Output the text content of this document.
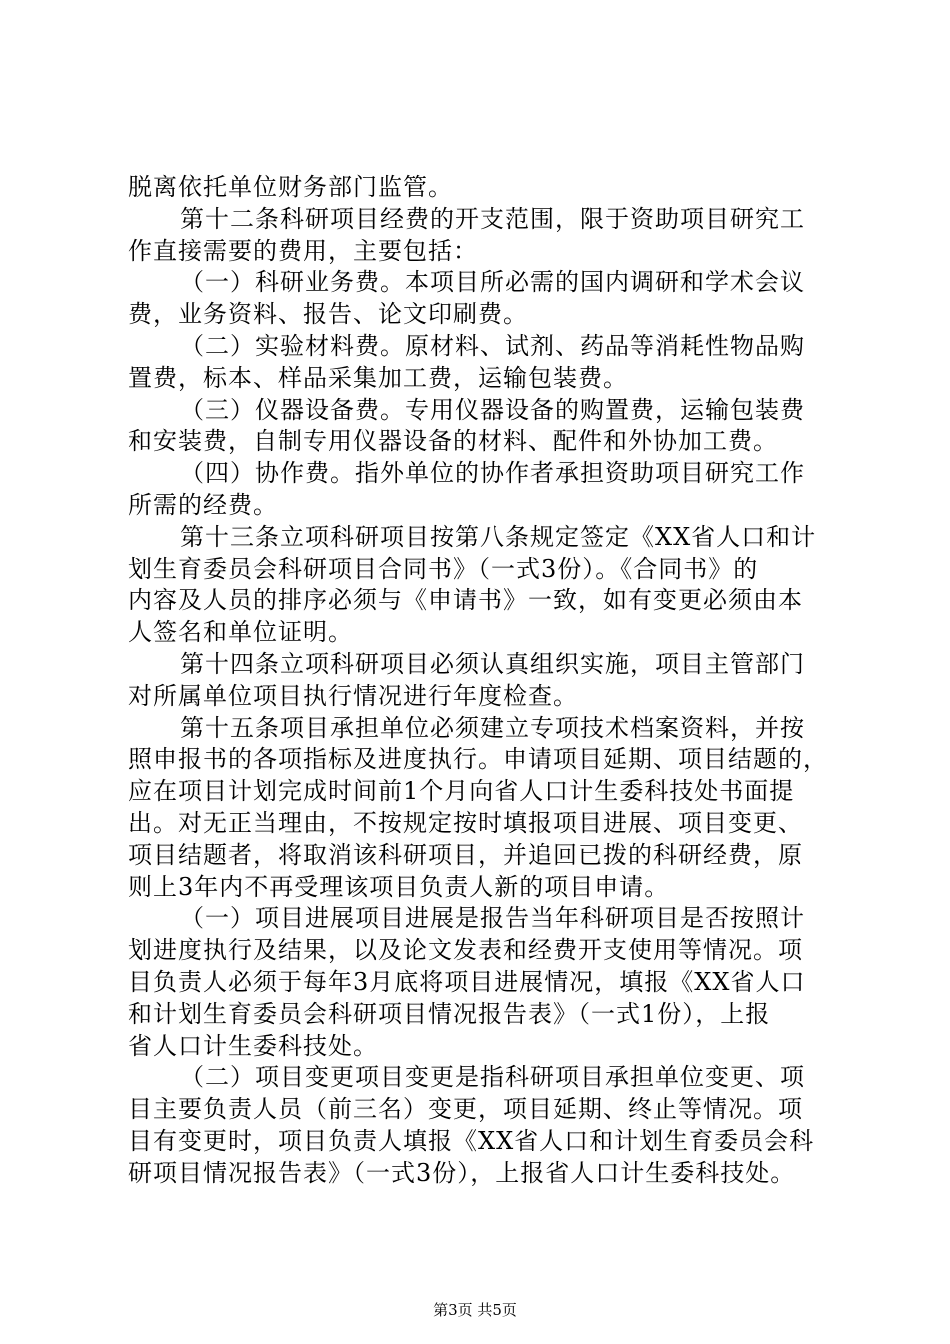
脱离依托单位财务部门监管。
第十二条科研项目经费的开支范围，限于资助项目研究工
作直接需要的费用，主要包括：
（一）科研业务费。本项目所必需的国内调研和学术会议
费，业务资料、报告、论文印刷费。
（二）实验材料费。原材料、试剂、药品等消耗性物品购
置费，标本、样品采集加工费，运输包装费。
（三）仪器设备费。专用仪器设备的购置费，运输包装费
和安装费，自制专用仪器设备的材料、配件和外协加工费。
（四）协作费。指外单位的协作者承担资助项目研究工作
所需的经费。
第十三条立项科研项目按第八条规定签定《XX省人口和计
划生育委员会科研项目合同书》（一式3份）。《合同书》的
内容及人员的排序必须与《申请书》一致，如有变更必须由本
人签名和单位证明。
第十四条立项科研项目必须认真组织实施，项目主管部门
对所属单位项目执行情况进行年度检查。
第十五条项目承担单位必须建立专项技术档案资料，并按
照申报书的各项指标及进度执行。申请项目延期、项目结题的，
应在项目计划完成时间前1个月向省人口计生委科技处书面提
出。对无正当理由，不按规定按时填报项目进展、项目变更、
项目结题者，将取消该科研项目，并追回已拨的科研经费，原
则上3年内不再受理该项目负责人新的项目申请。
（一）项目进展项目进展是报告当年科研项目是否按照计
划进度执行及结果，以及论文发表和经费开支使用等情况。项
目负责人必须于每年3月底将项目进展情况，填报《XX省人口
和计划生育委员会科研项目情况报告表》（一式1份），上报
省人口计生委科技处。
（二）项目变更项目变更是指科研项目承担单位变更、项
目主要负责人员（前三名）变更，项目延期、终止等情况。项
目有变更时，项目负责人填报《XX省人口和计划生育委员会科
研项目情况报告表》（一式3份），上报省人口计生委科技处。
第3页 共5页
